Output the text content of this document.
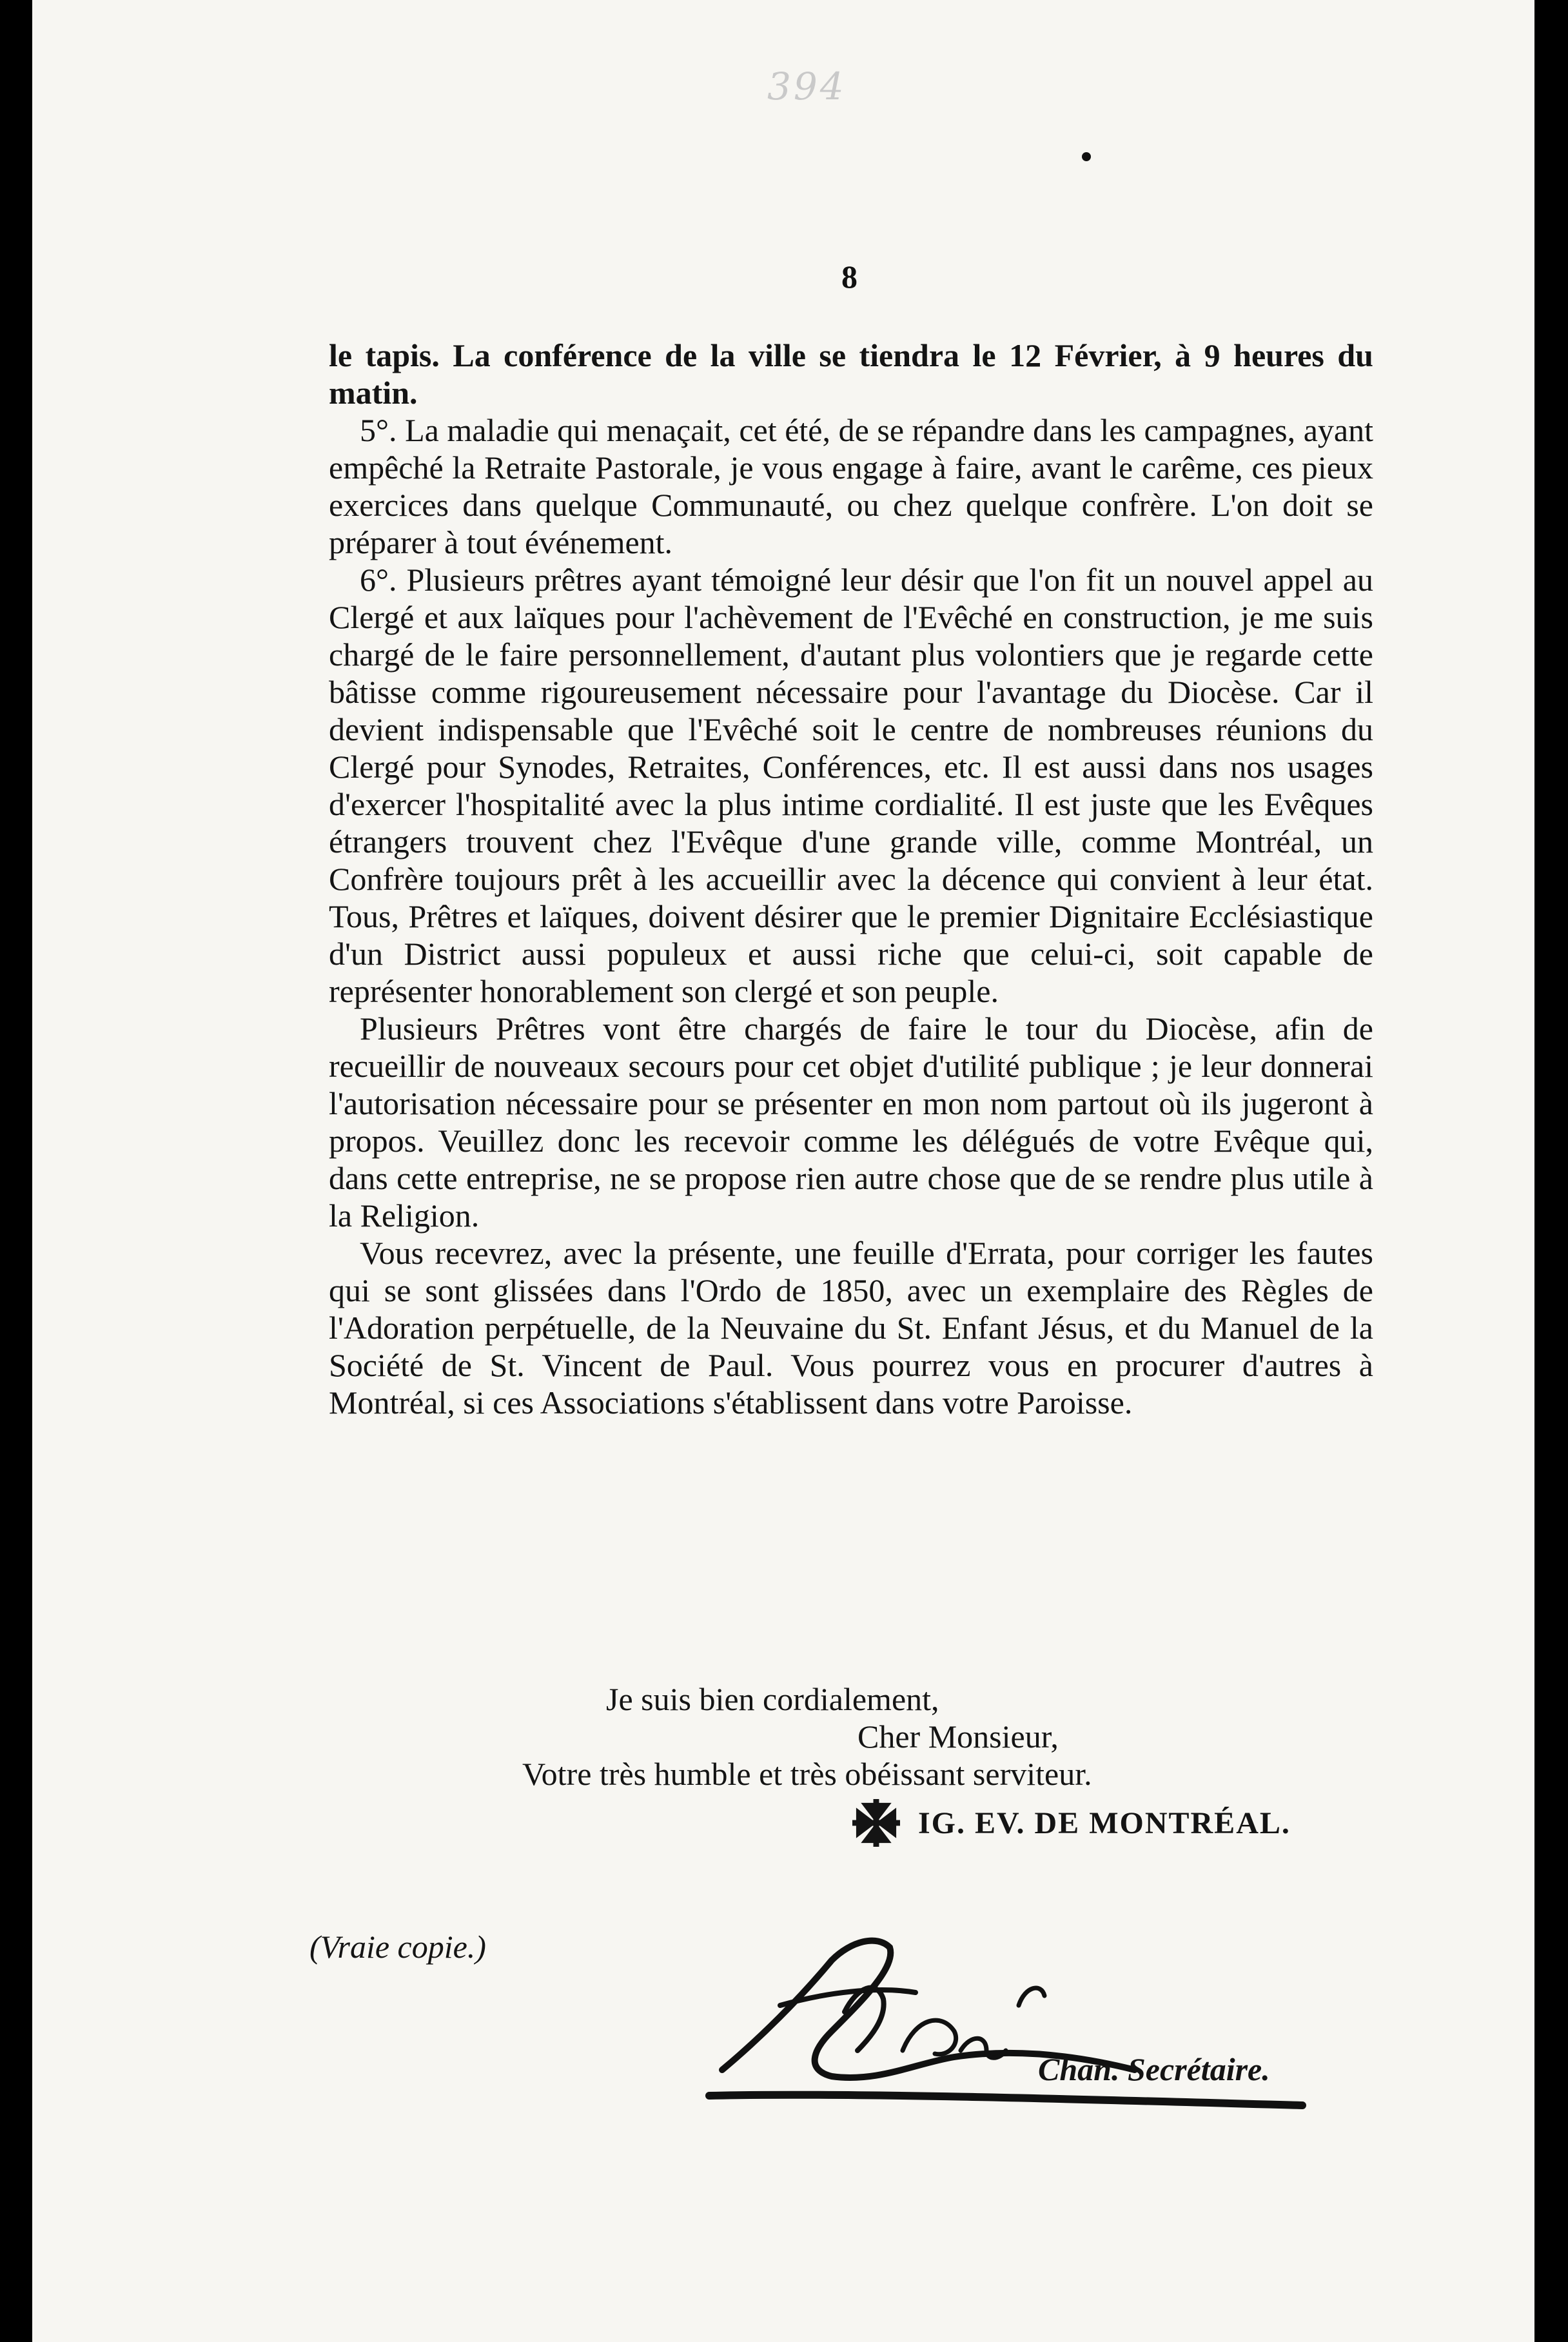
394
8

le tapis. La conférence de la ville se tiendra le 12 Février, à 9 heures du matin.

5°. La maladie qui menaçait, cet été, de se répandre dans les campagnes, ayant empêché la Retraite Pastorale, je vous engage à faire, avant le carême, ces pieux exercices dans quelque Communauté, ou chez quelque confrère. L'on doit se préparer à tout événement.

6°. Plusieurs prêtres ayant témoigné leur désir que l'on fit un nouvel appel au Clergé et aux laïques pour l'achèvement de l'Evêché en construction, je me suis chargé de le faire personnellement, d'autant plus volontiers que je regarde cette bâtisse comme rigoureusement nécessaire pour l'avantage du Diocèse. Car il devient indispensable que l'Evêché soit le centre de nombreuses réunions du Clergé pour Synodes, Retraites, Conférences, etc. Il est aussi dans nos usages d'exercer l'hospitalité avec la plus intime cordialité. Il est juste que les Evêques étrangers trouvent chez l'Evêque d'une grande ville, comme Montréal, un Confrère toujours prêt à les accueillir avec la décence qui convient à leur état. Tous, Prêtres et laïques, doivent désirer que le premier Dignitaire Ecclésiastique d'un District aussi populeux et aussi riche que celui-ci, soit capable de représenter honorablement son clergé et son peuple.

Plusieurs Prêtres vont être chargés de faire le tour du Diocèse, afin de recueillir de nouveaux secours pour cet objet d'utilité publique ; je leur donnerai l'autorisation nécessaire pour se présenter en mon nom partout où ils jugeront à propos. Veuillez donc les recevoir comme les délégués de votre Evêque qui, dans cette entreprise, ne se propose rien autre chose que de se rendre plus utile à la Religion.

Vous recevrez, avec la présente, une feuille d'Errata, pour corriger les fautes qui se sont glissées dans l'Ordo de 1850, avec un exemplaire des Règles de l'Adoration perpétuelle, de la Neuvaine du St. Enfant Jésus, et du Manuel de la Société de St. Vincent de Paul. Vous pourrez vous en procurer d'autres à Montréal, si ces Associations s'établissent dans votre Paroisse.

Je suis bien cordialement,
Cher Monsieur,
Votre très humble et très obéissant serviteur.
IG. EV. DE MONTRÉAL.
(Vraie copie.)
Chan. Secrétaire.
